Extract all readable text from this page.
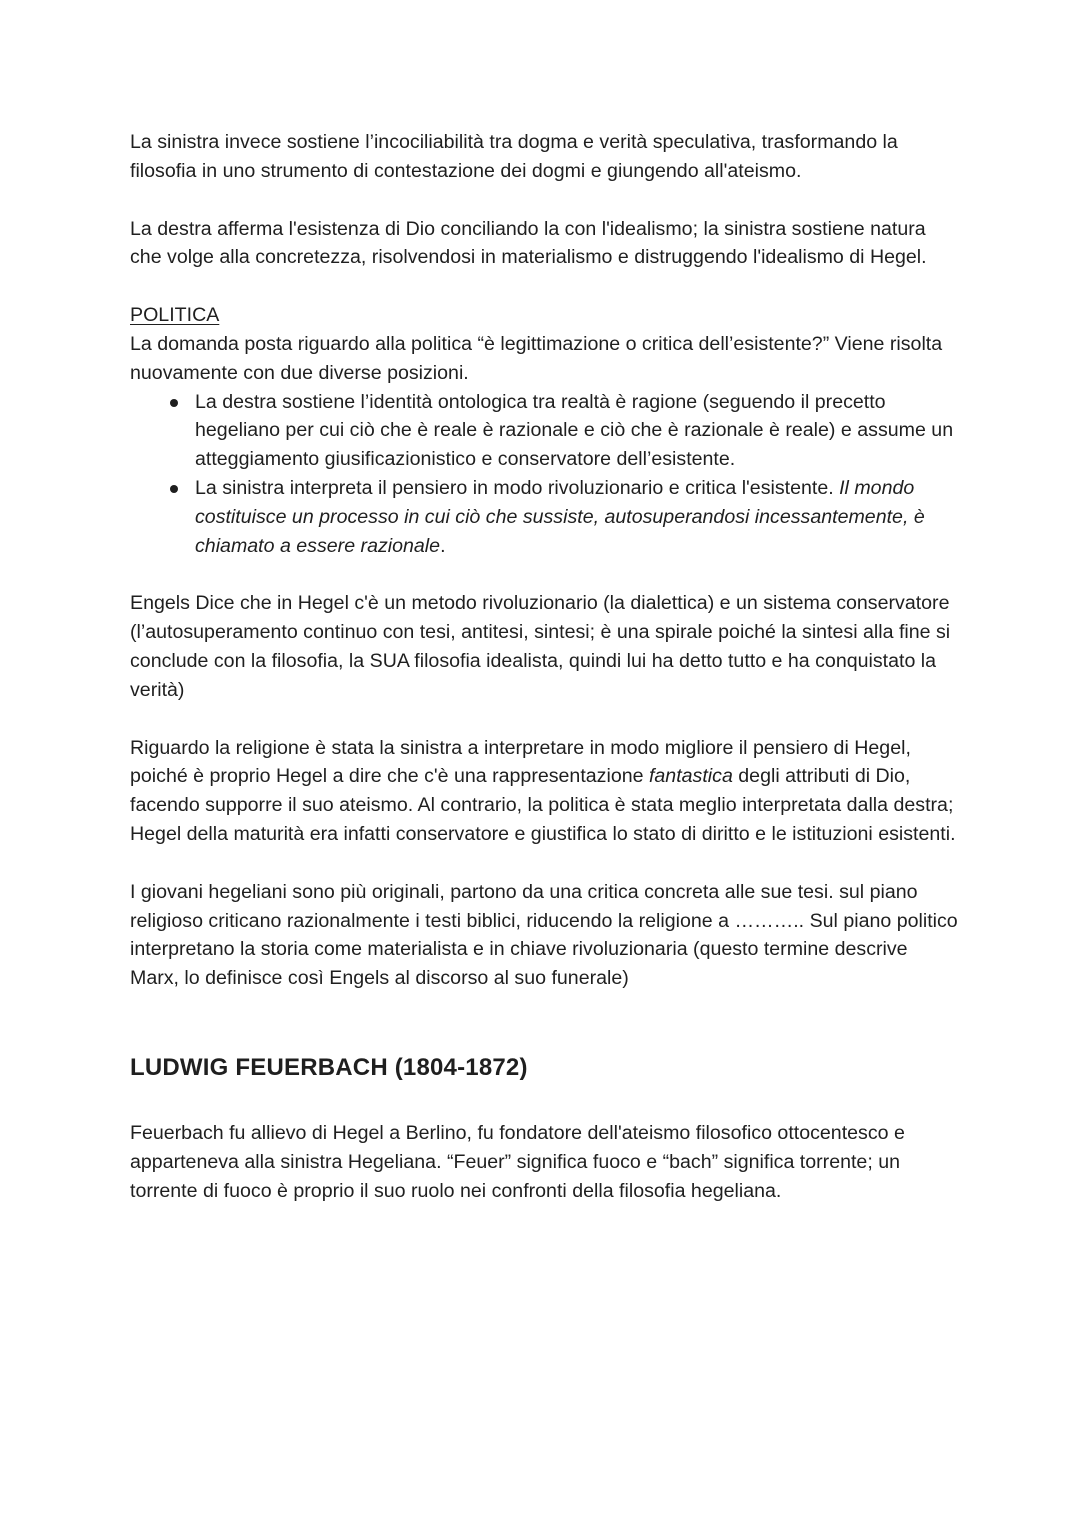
La sinistra invece sostiene l’incociliabilità tra dogma e verità speculativa, trasformando la filosofia in uno strumento di contestazione dei dogmi e giungendo all'ateismo.

La destra afferma l'esistenza di Dio conciliando la con l'idealismo; la sinistra sostiene natura che volge alla concretezza, risolvendosi in materialismo e distruggendo l'idealismo di Hegel.

POLITICA

La domanda posta riguardo alla politica “è legittimazione o critica dell’esistente?” Viene risolta nuovamente con due diverse posizioni.

La destra sostiene l’identità ontologica tra realtà è ragione (seguendo il precetto hegeliano per cui ciò che è reale è razionale e ciò che è razionale è reale) e assume un atteggiamento giusificazionistico e conservatore dell’esistente.
La sinistra interpreta il pensiero in modo rivoluzionario e critica l'esistente. Il mondo costituisce un processo in cui ciò che sussiste, autosuperandosi incessantemente, è chiamato a essere razionale.

Engels Dice che in Hegel c'è un metodo rivoluzionario (la dialettica) e un sistema conservatore (l’autosuperamento continuo con tesi, antitesi, sintesi; è una spirale poiché la sintesi alla fine si conclude con la filosofia, la SUA filosofia idealista, quindi lui ha detto tutto e ha conquistato la verità)

Riguardo la religione è stata la sinistra a interpretare in modo migliore il pensiero di Hegel, poiché è proprio Hegel a dire che c'è una rappresentazione fantastica degli attributi di Dio, facendo supporre il suo ateismo. Al contrario, la politica è stata meglio interpretata dalla destra; Hegel della maturità era infatti conservatore e giustifica lo stato di diritto e le istituzioni esistenti.

I giovani hegeliani sono più originali, partono da una critica concreta alle sue tesi. sul piano religioso criticano razionalmente i testi biblici, riducendo la religione a ……….. Sul piano politico interpretano la storia come materialista e in chiave rivoluzionaria (questo termine descrive Marx, lo definisce così Engels al discorso al suo funerale)

LUDWIG FEUERBACH (1804-1872)

Feuerbach fu allievo di Hegel a Berlino, fu fondatore dell'ateismo filosofico ottocentesco e apparteneva alla sinistra Hegeliana. “Feuer” significa fuoco e “bach” significa torrente; un torrente di fuoco è proprio il suo ruolo nei confronti della filosofia hegeliana.
